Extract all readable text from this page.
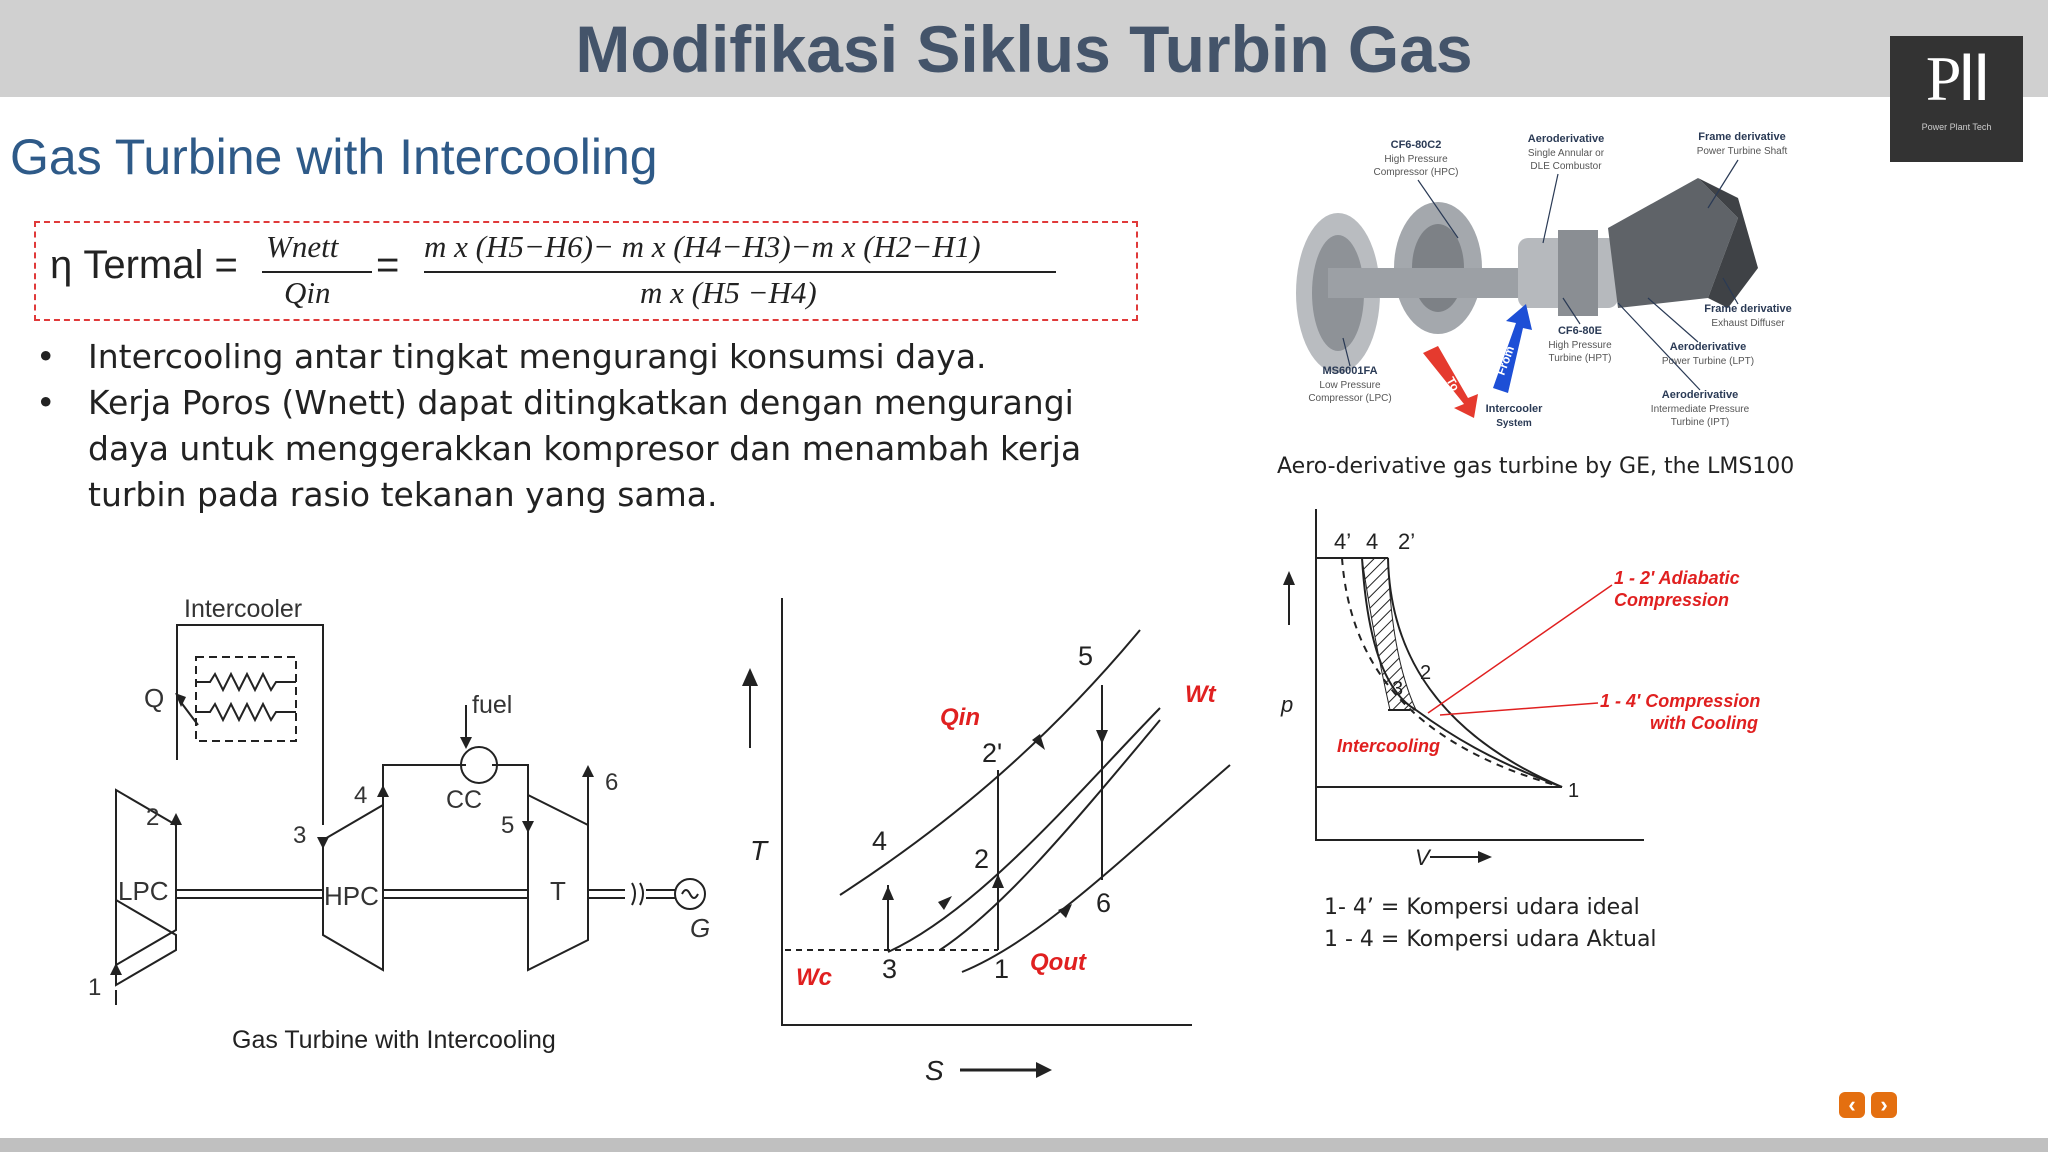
Modifikasi Siklus Turbin Gas	PⅠⅠ
Power Plant Tech
Gas Turbine with Intercooling
η Termal = Wnett
Qin
= m x (H5−H6)− m x (H4−H3)−m x (H2−H1)
m x (H5 −H4)
• Intercooling antar tingkat mengurangi konsumsi daya.
• Kerja Poros (Wnett) dapat ditingkatkan dengan mengurangi daya untuk menggerakkan kompresor dan menambah kerja turbin pada rasio tekanan yang sama.
Intercooler
Q	fuel
CC
LPC	HPC	T
G
1
2
3
4
5
6
Gas Turbine with Intercooling
T
S
Qin
Wt
Wc
Qout
1
2
2'
3
4
5
6
To
From
CF6-80C2	Aeroderivative	Frame derivative
Frame derivative
CF6-80E
Aeroderivative
MS6001FA
Intercooler
Aeroderivative
High Pressure
Compressor (HPC)
Single Annular or
DLE Combustor
Power Turbine Shaft
Exhaust Diffuser
High Pressure
Turbine (HPT)	Power Turbine (LPT)
Low Pressure
Compressor (LPC)
System
Intermediate Pressure
Turbine (IPT)
Aero-derivative gas turbine by GE, the LMS100
p
V
4’ 4 2’
1
2
3
1 - 2' Adiabatic
Compression
1 - 4' Compression
with Cooling
Intercooling
1- 4’ = Kompersi udara ideal
1 - 4 = Kompersi udara Aktual
‹	›
